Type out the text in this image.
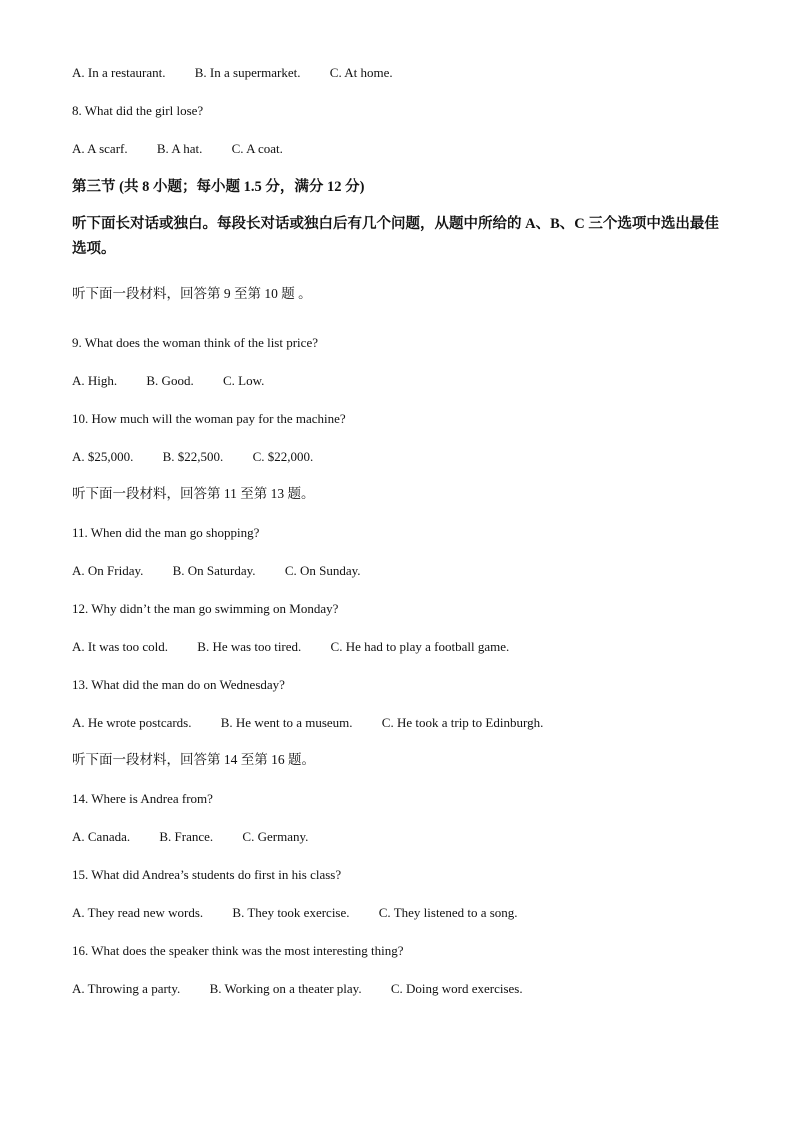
A. In a restaurant. B. In a supermarket. C. At home.
8. What did the girl lose?
A. A scarf. B. A hat. C. A coat.
第三节 (共 8 小题；每小题 1.5 分，满分 12 分)
听下面长对话或独白。每段长对话或独白后有几个问题，从题中所给的 A、B、C 三个选项中选出最佳选项。
听下面一段材料，回答第 9 至第 10 题 。
9. What does the woman think of the list price?
A. High. B. Good. C. Low.
10. How much will the woman pay for the machine?
A. $25,000. B. $22,500. C. $22,000.
听下面一段材料，回答第 11 至第 13 题。
11. When did the man go shopping?
A. On Friday. B. On Saturday. C. On Sunday.
12. Why didn’t the man go swimming on Monday?
A. It was too cold. B. He was too tired. C. He had to play a football game.
13. What did the man do on Wednesday?
A. He wrote postcards. B. He went to a museum. C. He took a trip to Edinburgh.
听下面一段材料，回答第 14 至第 16 题。
14. Where is Andrea from?
A. Canada. B. France. C. Germany.
15. What did Andrea’s students do first in his class?
A. They read new words. B. They took exercise. C. They listened to a song.
16. What does the speaker think was the most interesting thing?
A. Throwing a party. B. Working on a theater play. C. Doing word exercises.
